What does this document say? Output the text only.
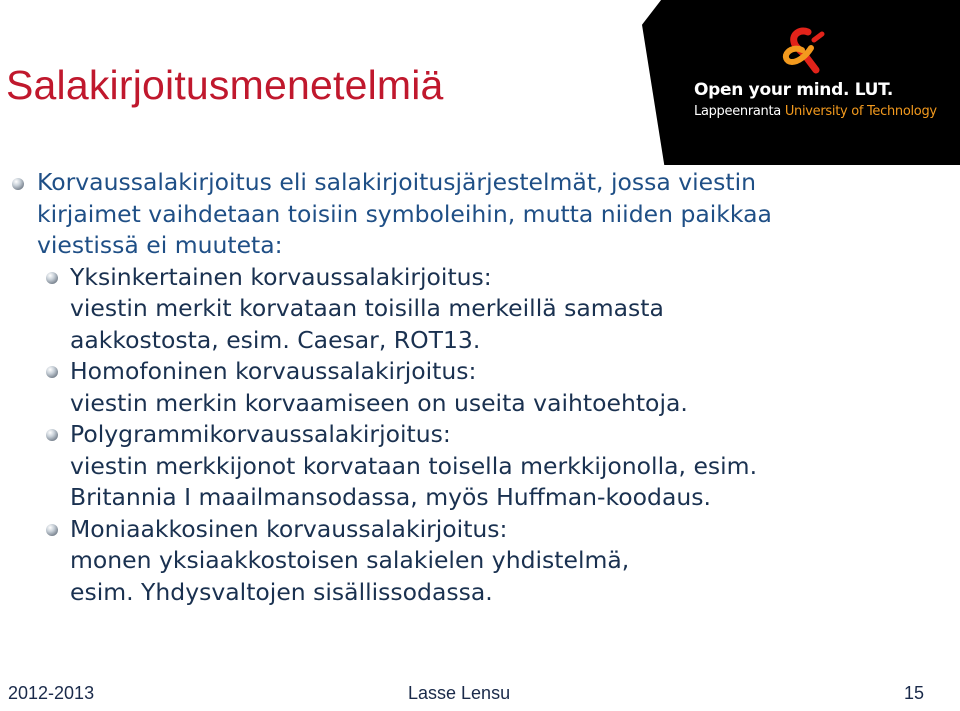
Salakirjoitusmenetelmiä	Open your mind. LUT.
Lappeenranta University of Technology
Korvaussalakirjoitus eli salakirjoitusjärjestelmät, jossa viestin
kirjaimet vaihdetaan toisiin symboleihin, mutta niiden paikkaa
viestissä ei muuteta:
Yksinkertainen korvaussalakirjoitus:
viestin merkit korvataan toisilla merkeillä samasta
aakkostosta, esim. Caesar, ROT13.
Homofoninen korvaussalakirjoitus:
viestin merkin korvaamiseen on useita vaihtoehtoja.
Polygrammikorvaussalakirjoitus:
viestin merkkijonot korvataan toisella merkkijonolla, esim.
Britannia I maailmansodassa, myös Huffman-koodaus.
Moniaakkosinen korvaussalakirjoitus:
monen yksiaakkostoisen salakielen yhdistelmä,
esim. Yhdysvaltojen sisällissodassa.
2012-2013	Lasse Lensu	15
